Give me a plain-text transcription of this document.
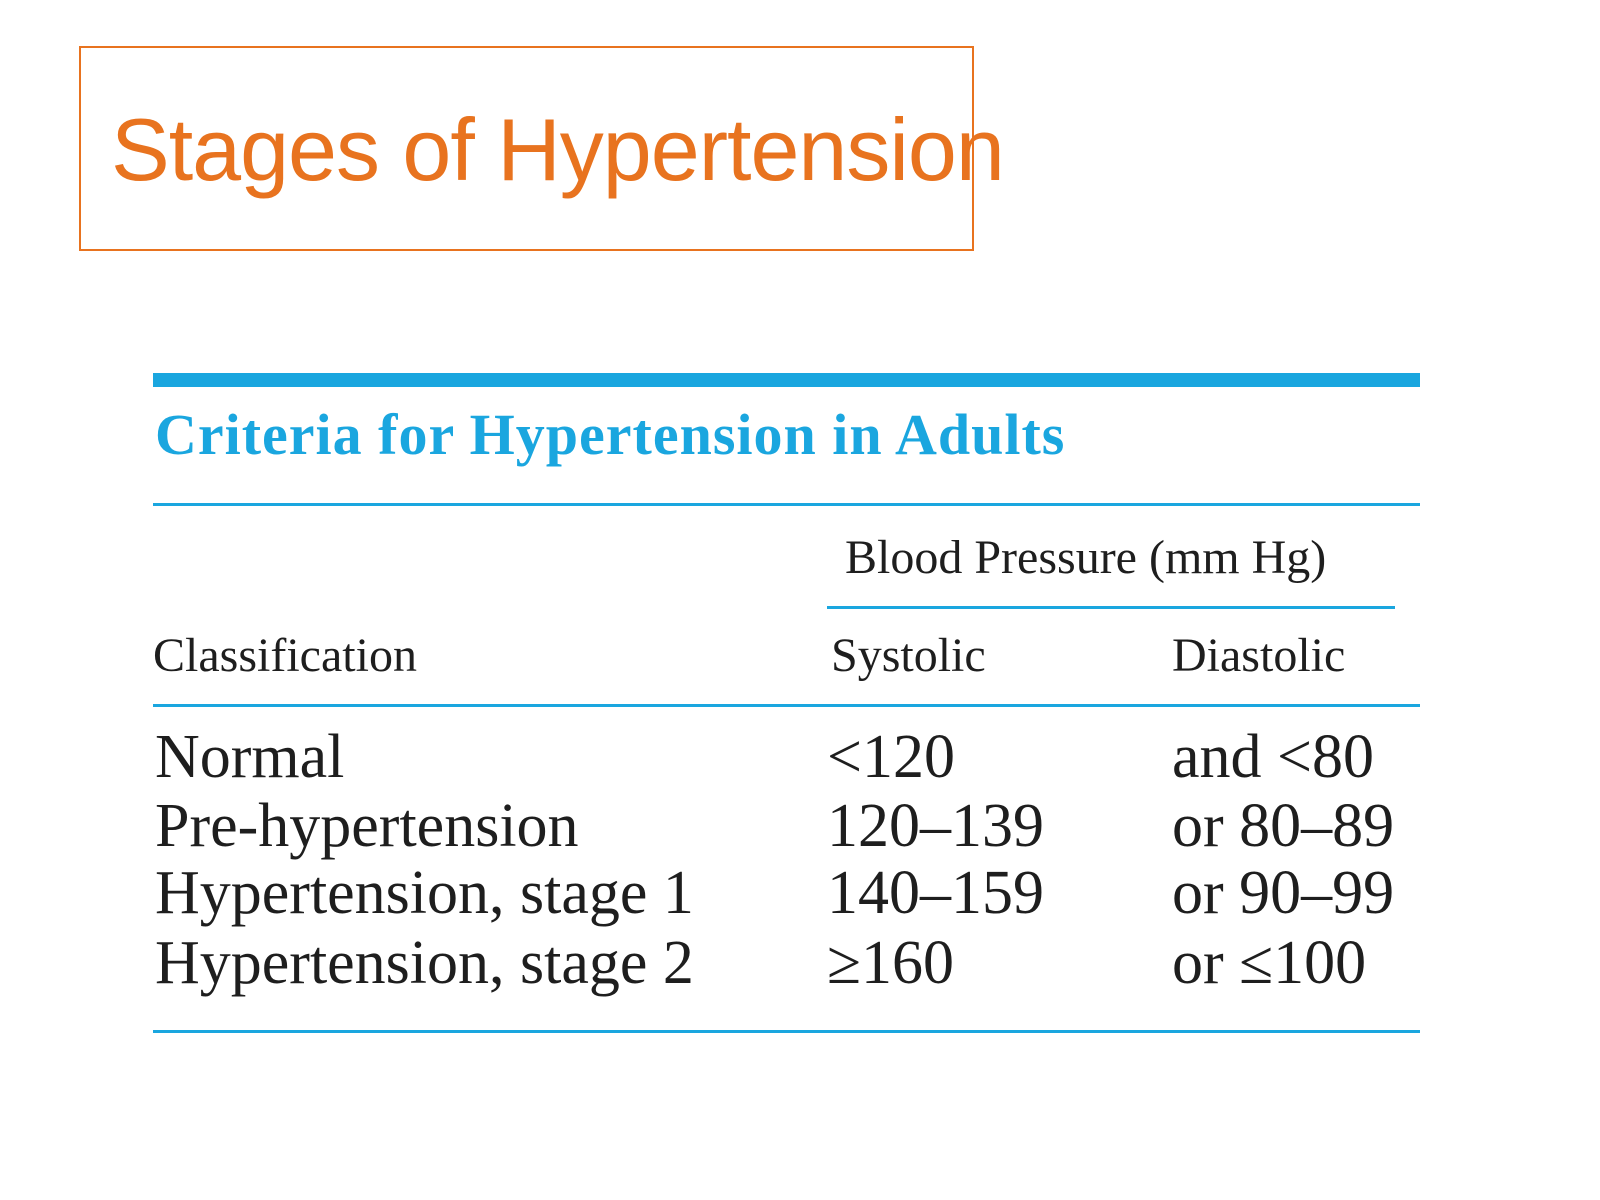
Stages of Hypertension
Criteria for Hypertension in Adults
Blood Pressure (mm Hg)
Classification	Systolic	Diastolic
Normal	<120	and <80
Pre-hypertension	120–139 or 80–89
Hypertension, stage 1 140–159 or 90–99
Hypertension, stage 2 ≥160	or ≤100
